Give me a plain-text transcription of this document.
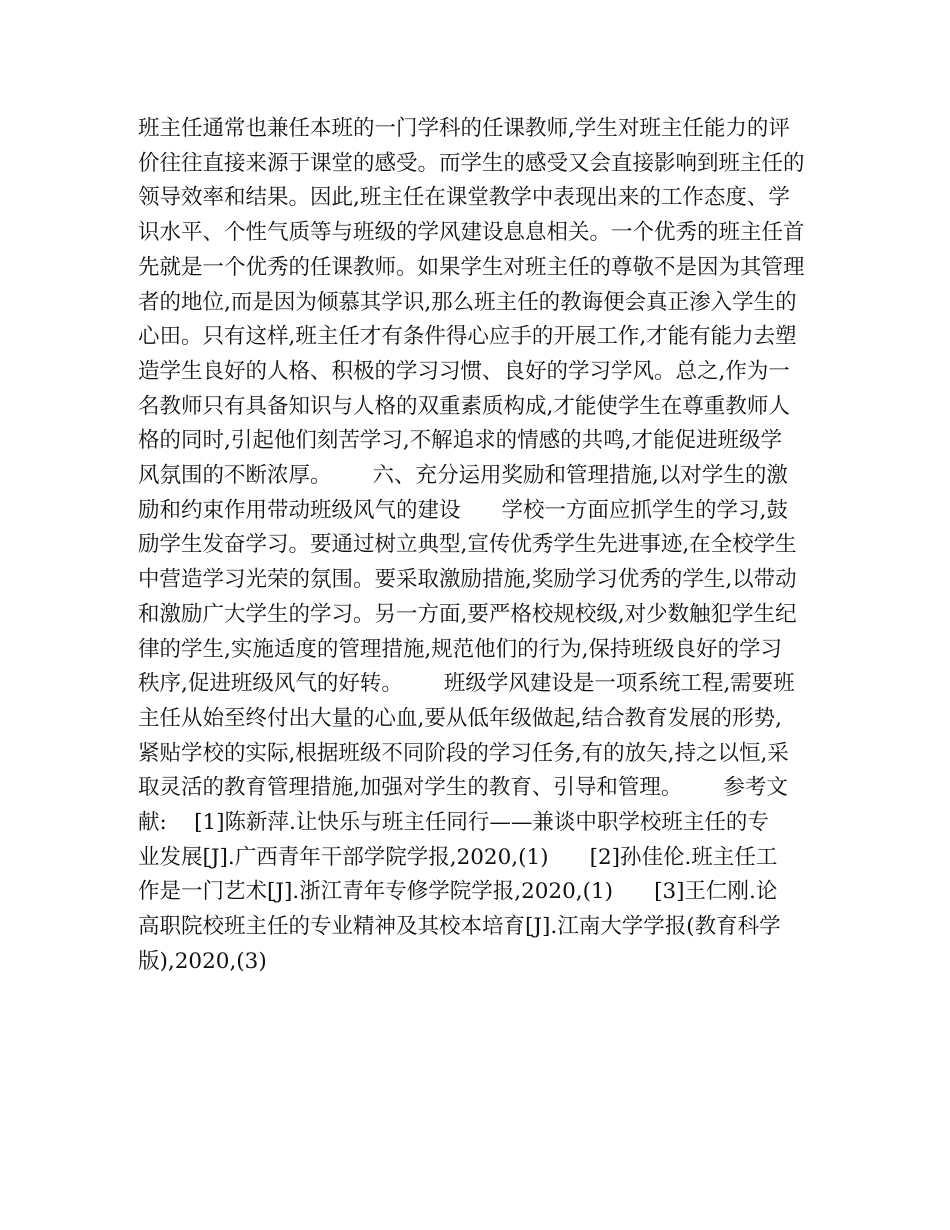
班主任通常也兼任本班的一门学科的任课教师,学生对班主任能力的评
价往往直接来源于课堂的感受。而学生的感受又会直接影响到班主任的
领导效率和结果。因此,班主任在课堂教学中表现出来的工作态度、学
识水平、个性气质等与班级的学风建设息息相关。一个优秀的班主任首
先就是一个优秀的任课教师。如果学生对班主任的尊敬不是因为其管理
者的地位,而是因为倾慕其学识,那么班主任的教诲便会真正渗入学生的
心田。只有这样,班主任才有条件得心应手的开展工作,才能有能力去塑
造学生良好的人格、积极的学习习惯、良好的学习学风。总之,作为一
名教师只有具备知识与人格的双重素质构成,才能使学生在尊重教师人
格的同时,引起他们刻苦学习,不解追求的情感的共鸣,才能促进班级学
风氛围的不断浓厚。      六、充分运用奖励和管理措施,以对学生的激
励和约束作用带动班级风气的建设      学校一方面应抓学生的学习,鼓
励学生发奋学习。要通过树立典型,宣传优秀学生先进事迹,在全校学生
中营造学习光荣的氛围。要采取激励措施,奖励学习优秀的学生,以带动
和激励广大学生的学习。另一方面,要严格校规校级,对少数触犯学生纪
律的学生,实施适度的管理措施,规范他们的行为,保持班级良好的学习
秩序,促进班级风气的好转。      班级学风建设是一项系统工程,需要班
主任从始至终付出大量的心血,要从低年级做起,结合教育发展的形势,
紧贴学校的实际,根据班级不同阶段的学习任务,有的放矢,持之以恒,采
取灵活的教育管理措施,加强对学生的教育、引导和管理。      参考文
献:    [1]陈新萍.让快乐与班主任同行——兼谈中职学校班主任的专
业发展[J].广西青年干部学院学报,2020,(1)      [2]孙佳伦.班主任工
作是一门艺术[J].浙江青年专修学院学报,2020,(1)      [3]王仁刚.论
高职院校班主任的专业精神及其校本培育[J].江南大学学报(教育科学
版),2020,(3)
